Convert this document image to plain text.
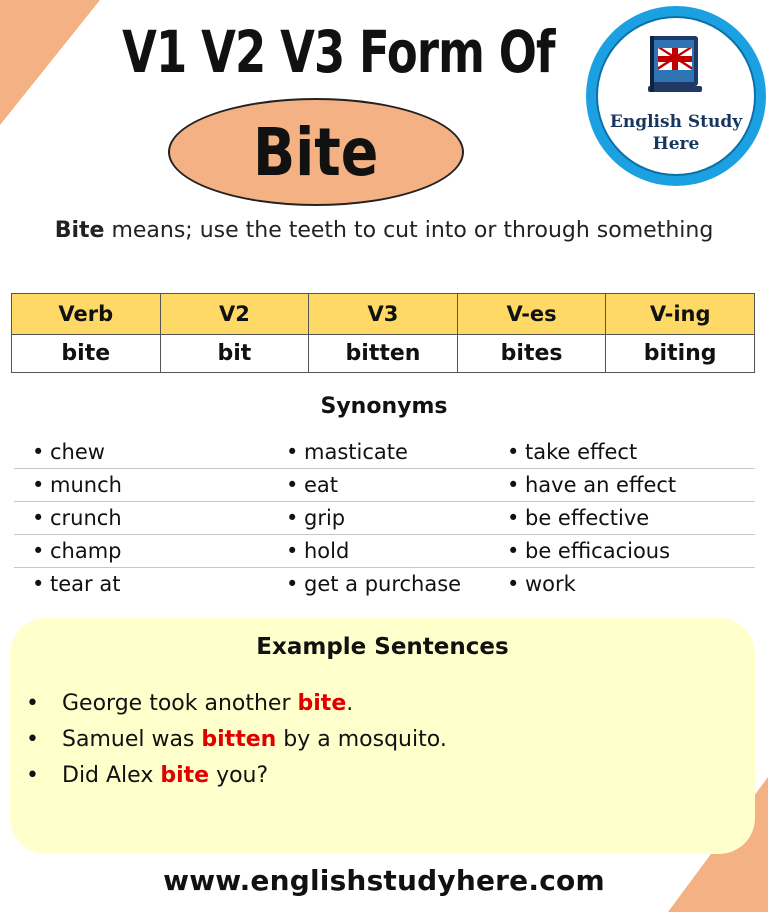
V1 V2 V3 Form Of
Bite	English Study
Here

Bite means; use the teeth to cut into or through something

Verb	V2	V3	V-es	V-ing
bite	bit	bitten	bites	biting
Synonyms
• chew	• masticate	• take effect
• munch	• eat	• have an effect
• crunch	• grip	• be effective
• champ	• hold	• be efficacious
• tear at	• get a purchase	• work
Example Sentences
• George took another bite.
• Samuel was bitten by a mosquito.
• Did Alex bite you?

www.englishstudyhere.com
